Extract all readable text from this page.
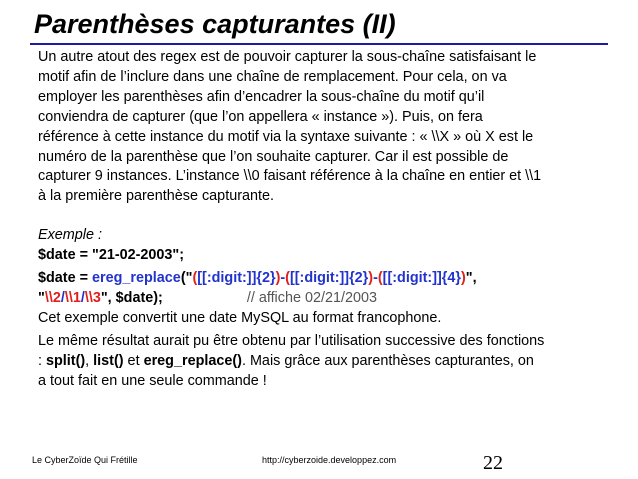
Parenthèses capturantes (II)

Un autre atout des regex est de pouvoir capturer la sous-chaîne satisfaisant le

motif afin de l’inclure dans une chaîne de remplacement. Pour cela, on va

employer les parenthèses afin d’encadrer la sous-chaîne du motif qu’il

conviendra de capturer (que l’on appellera « instance »). Puis, on fera

référence à cette instance du motif via la syntaxe suivante : « \\X » où X est le

numéro de la parenthèse que l’on souhaite capturer. Car il est possible de

capturer 9 instances. L’instance \\0 faisant référence à la chaîne en entier et \\1

à la première parenthèse capturante.

Exemple :

$date = "21-02-2003";

$date = ereg_replace("([[:digit:]]{2})-([[:digit:]]{2})-([[:digit:]]{4})",

"\\2/\\1/\\3", $date);	// affiche 02/21/2003

Cet exemple convertit une date MySQL au format francophone.

Le même résultat aurait pu être obtenu par l’utilisation successive des fonctions

: split(), list() et ereg_replace(). Mais grâce aux parenthèses capturantes, on

a tout fait en une seule commande !

Le CyberZoïde Qui Frétille	http://cyberzoide.developpez.com	22
